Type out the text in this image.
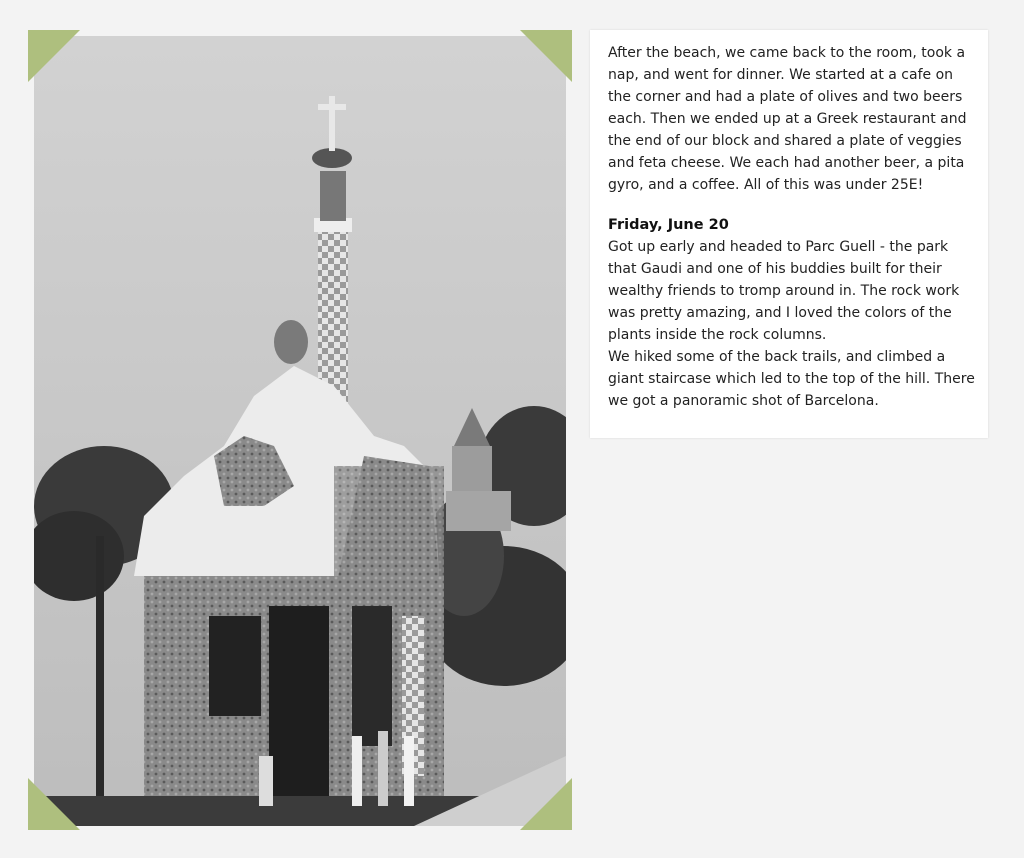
After the beach, we came back to the room, took a nap, and went for dinner. We started at a cafe on the corner and had a plate of olives and two beers each. Then we ended up at a Greek restaurant and the end of our block and shared a plate of veggies and feta cheese. We each had another beer, a pita gyro, and a coffee. All of this was under 25E!

Friday, June 20

Got up early and headed to Parc Guell - the park that Gaudi and one of his buddies built for their wealthy friends to tromp around in. The rock work was pretty amazing, and I loved the colors of the plants inside the rock columns.

We hiked some of the back trails, and climbed a giant staircase which led to the top of the hill. There we got a panoramic shot of Barcelona.
